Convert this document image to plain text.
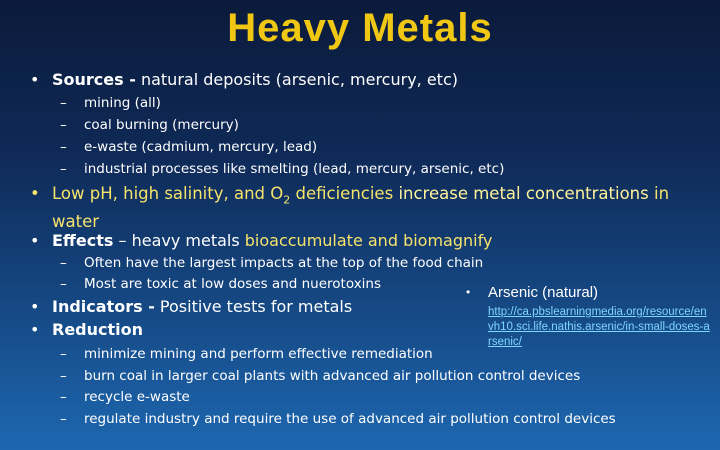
Heavy Metals
• Sources - natural deposits (arsenic, mercury, etc)
– mining (all)
– coal burning (mercury)
– e-waste (cadmium, mercury, lead)
– industrial processes like smelting (lead, mercury, arsenic, etc)
• Low pH, high salinity, and $O_2$ deficiencies increase metal concentrations in
water
• Effects – heavy metals bioaccumulate and biomagnify
– Often have the largest impacts at the top of the food chain
– Most are toxic at low doses and nuerotoxins
• Indicators - Positive tests for metals
• Reduction
– minimize mining and perform effective remediation
– burn coal in larger coal plants with advanced air pollution control devices
– recycle e-waste
– regulate industry and require the use of advanced air pollution control devices
• Arsenic (natural)
http://ca.pbslearningmedia.org/resource/envh10.sci.life.nathis.arsenic/in-small-doses-arsenic/
